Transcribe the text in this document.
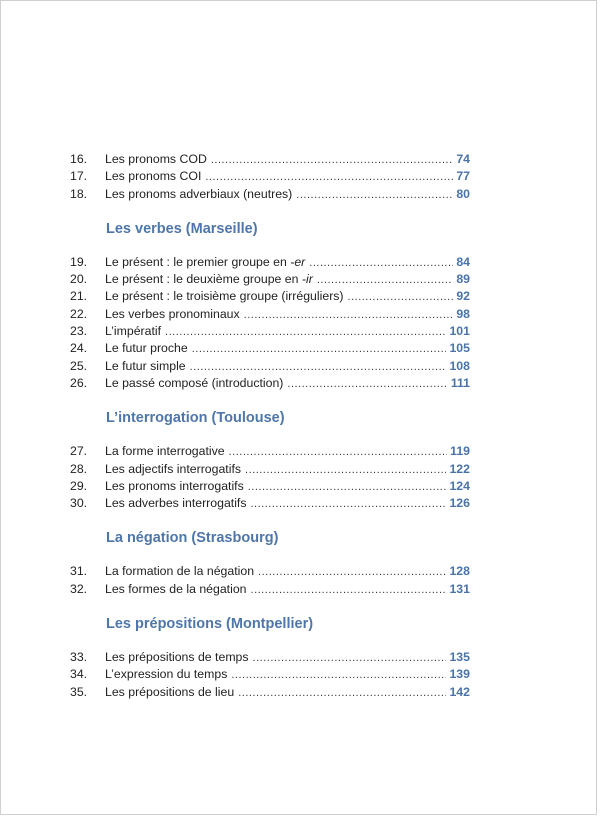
16.	Les pronoms COD .....	74
17.	Les pronoms COI .....	77
18.	Les pronoms adverbiaux (neutres) .....	80
Les verbes (Marseille)
19.	Le présent : le premier groupe en -er .....	84
20.	Le présent : le deuxième groupe en -ir .....	89
21.	Le présent : le troisième groupe (irréguliers) .....	92
22.	Les verbes pronominaux .....	98
23.	L’impératif .....	101
24.	Le futur proche .....	105
25.	Le futur simple .....	108
26.	Le passé composé (introduction) .....	111
L’interrogation (Toulouse)
27.	La forme interrogative .....	119
28.	Les adjectifs interrogatifs .....	122
29.	Les pronoms interrogatifs .....	124
30.	Les adverbes interrogatifs .....	126
La négation (Strasbourg)
31.	La formation de la négation .....	128
32.	Les formes de la négation .....	131
Les prépositions (Montpellier)
33.	Les prépositions de temps .....	135
34.	L’expression du temps .....	139
35.	Les prépositions de lieu .....	142
